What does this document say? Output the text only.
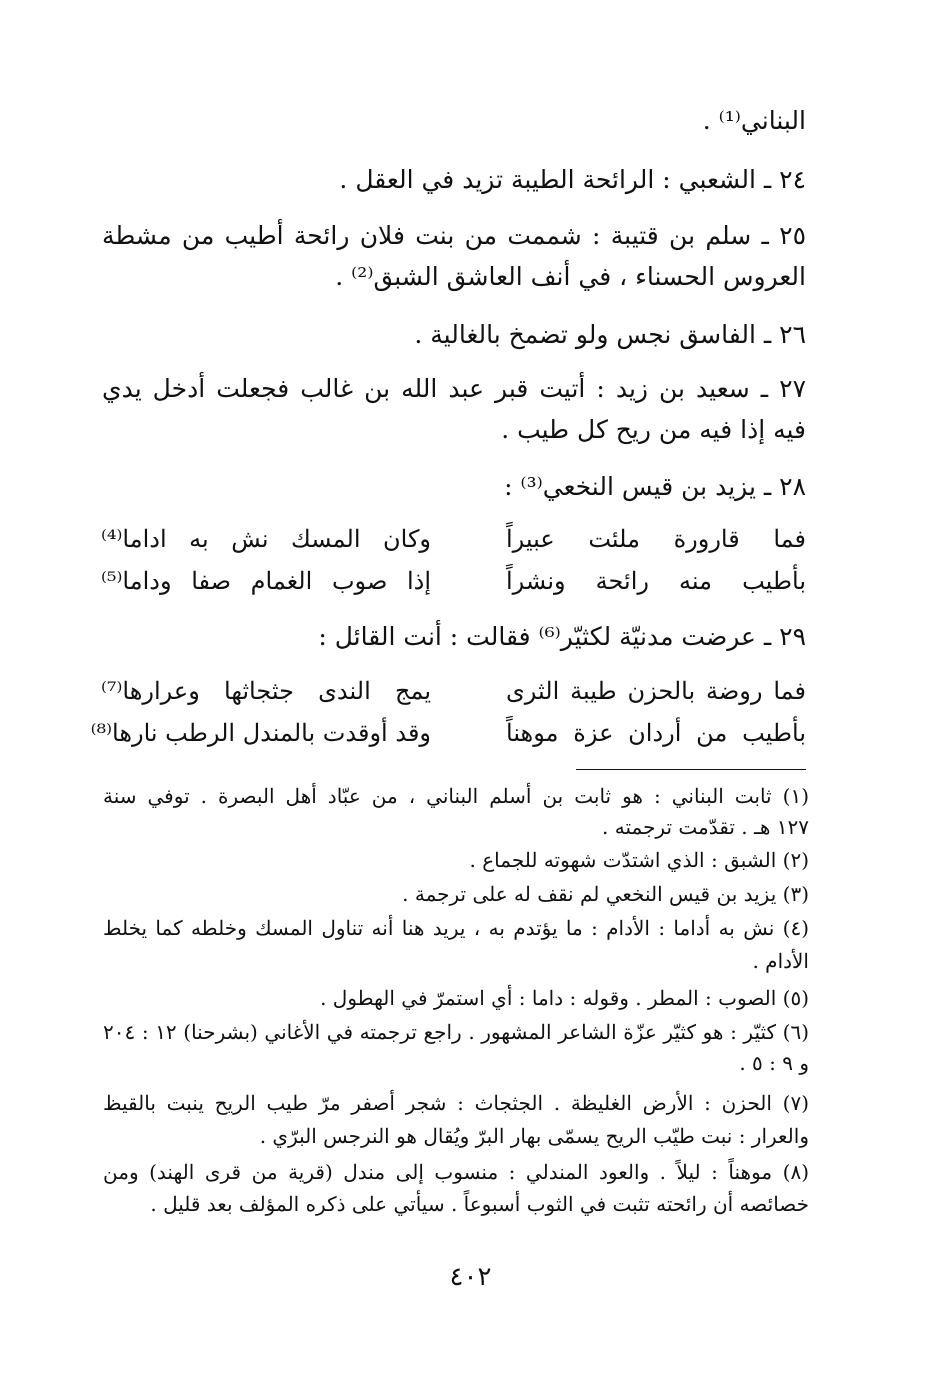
البناني⁽¹⁾ .
٢٤ ـ الشعبي : الرائحة الطيبة تزيد في العقل .
٢٥ ـ سلم بن قتيبة : شممت من بنت فلان رائحة أطيب من مشطة
العروس الحسناء ، في أنف العاشق الشبق⁽²⁾ .
٢٦ ـ الفاسق نجس ولو تضمخ بالغالية .
٢٧ ـ سعيد بن زيد : أتيت قبر عبد الله بن غالب فجعلت أدخل يدي
فيه إذا فيه من ريح كل طيب .
٢٨ ـ يزيد بن قيس النخعي⁽³⁾ :
فما قارورة ملئت عبيراً
وكان المسك نش به اداما⁽⁴⁾
بأطيب منه رائحة ونشراً
إذا صوب الغمام صفا وداما⁽⁵⁾
٢٩ ـ عرضت مدنيّة لكثيّر⁽⁶⁾ فقالت : أنت القائل :
فما روضة بالحزن طيبة الثرى
يمج الندى جثجاثها وعرارها⁽⁷⁾
بأطيب من أردان عزة موهناً
وقد أوقدت بالمندل الرطب نارها⁽⁸⁾
(١) ثابت البناني : هو ثابت بن أسلم البناني ، من عبّاد أهل البصرة . توفي سنة
١٢٧ هـ . تقدّمت ترجمته .
(٢) الشبق : الذي اشتدّت شهوته للجماع .
(٣) يزيد بن قيس النخعي لم نقف له على ترجمة .
(٤) نش به أداما : الأدام : ما يؤتدم به ، يريد هنا أنه تناول المسك وخلطه كما يخلط
الأدام .
(٥) الصوب : المطر . وقوله : داما : أي استمرّ في الهطول .
(٦) كثيّر : هو كثيّر عزّة الشاعر المشهور . راجع ترجمته في الأغاني (بشرحنا) ١٢ : ٢٠٤
و ٩ : ٥ .
(٧) الحزن : الأرض الغليظة . الجثجاث : شجر أصفر مرّ طيب الريح ينبت بالقيظ
والعرار : نبت طيّب الريح يسمّى بهار البرّ ويُقال هو النرجس البرّي .
(٨) موهناً : ليلاً . والعود المندلي : منسوب إلى مندل (قرية من قرى الهند) ومن
خصائصه أن رائحته تثبت في الثوب أسبوعاً . سيأتي على ذكره المؤلف بعد قليل .
٤٠٢
